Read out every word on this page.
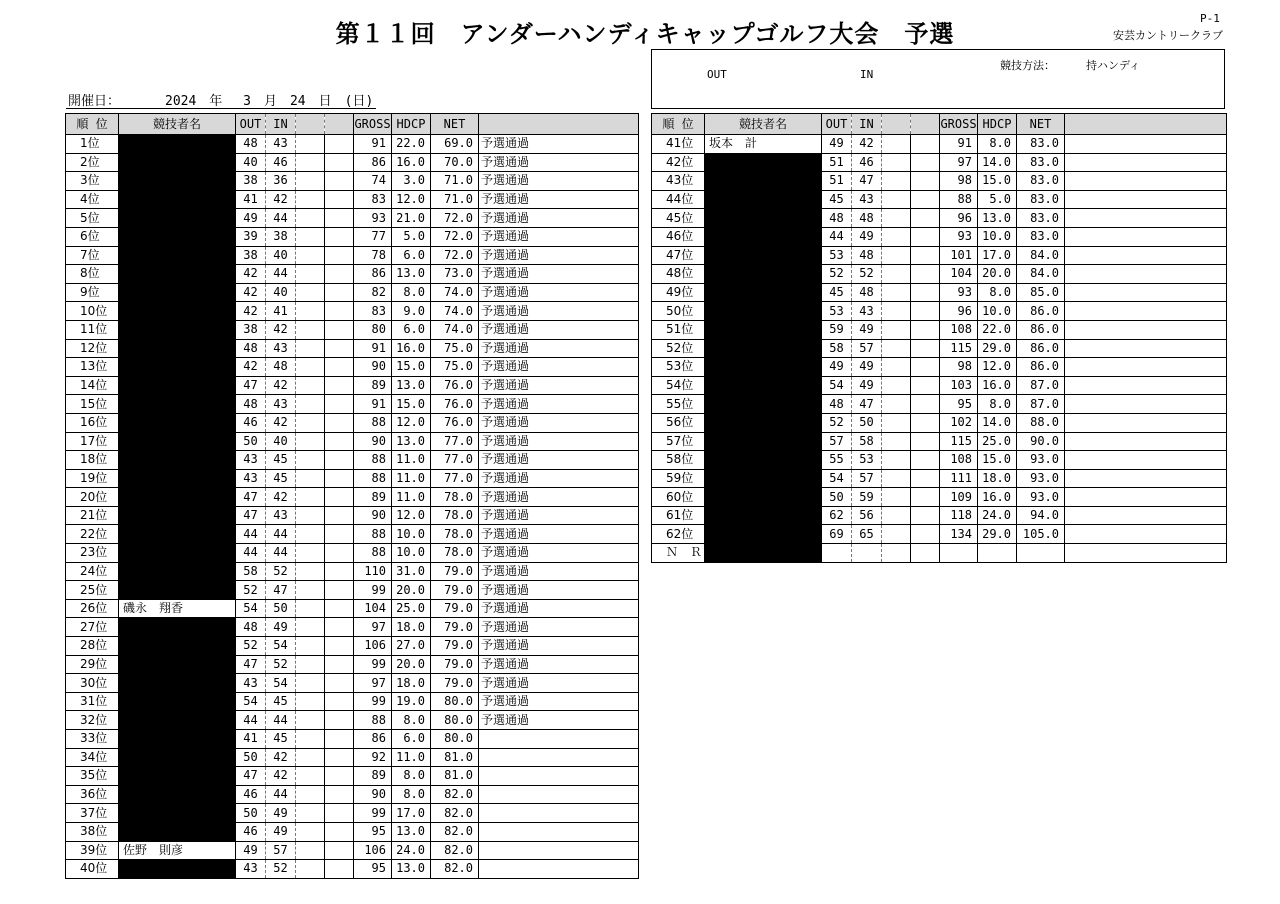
第１１回　アンダーハンディキャップゴルフ大会　予選
P-1
安芸カントリークラブ
開催日：	2024　年　 3　月　24　日　(日)
OUT	IN
競技方法：	持ハンディ
順 位	競技者名	OUT	IN			GROSS	HDCP	NET	
1位		48	43			91	22.0	69.0	予選通過
2位		40	46			86	16.0	70.0	予選通過
3位		38	36			74	3.0	71.0	予選通過
4位		41	42			83	12.0	71.0	予選通過
5位		49	44			93	21.0	72.0	予選通過
6位		39	38			77	5.0	72.0	予選通過
7位		38	40			78	6.0	72.0	予選通過
8位		42	44			86	13.0	73.0	予選通過
9位		42	40			82	8.0	74.0	予選通過
10位		42	41			83	9.0	74.0	予選通過
11位		38	42			80	6.0	74.0	予選通過
12位		48	43			91	16.0	75.0	予選通過
13位		42	48			90	15.0	75.0	予選通過
14位		47	42			89	13.0	76.0	予選通過
15位		48	43			91	15.0	76.0	予選通過
16位		46	42			88	12.0	76.0	予選通過
17位		50	40			90	13.0	77.0	予選通過
18位		43	45			88	11.0	77.0	予選通過
19位		43	45			88	11.0	77.0	予選通過
20位		47	42			89	11.0	78.0	予選通過
21位		47	43			90	12.0	78.0	予選通過
22位		44	44			88	10.0	78.0	予選通過
23位		44	44			88	10.0	78.0	予選通過
24位		58	52			110	31.0	79.0	予選通過
25位		52	47			99	20.0	79.0	予選通過
26位	磯永　翔香	54	50			104	25.0	79.0	予選通過
27位		48	49			97	18.0	79.0	予選通過
28位		52	54			106	27.0	79.0	予選通過
29位		47	52			99	20.0	79.0	予選通過
30位		43	54			97	18.0	79.0	予選通過
31位		54	45			99	19.0	80.0	予選通過
32位		44	44			88	8.0	80.0	予選通過
33位		41	45			86	6.0	80.0	
34位		50	42			92	11.0	81.0	
35位		47	42			89	8.0	81.0	
36位		46	44			90	8.0	82.0	
37位		50	49			99	17.0	82.0	
38位		46	49			95	13.0	82.0	
39位	佐野　則彦	49	57			106	24.0	82.0	
40位		43	52			95	13.0	82.0	
順 位	競技者名	OUT	IN			GROSS	HDCP	NET	
41位	坂本　計	49	42			91	8.0	83.0	
42位		51	46			97	14.0	83.0	
43位		51	47			98	15.0	83.0	
44位		45	43			88	5.0	83.0	
45位		48	48			96	13.0	83.0	
46位		44	49			93	10.0	83.0	
47位		53	48			101	17.0	84.0	
48位		52	52			104	20.0	84.0	
49位		45	48			93	8.0	85.0	
50位		53	43			96	10.0	86.0	
51位		59	49			108	22.0	86.0	
52位		58	57			115	29.0	86.0	
53位		49	49			98	12.0	86.0	
54位		54	49			103	16.0	87.0	
55位		48	47			95	8.0	87.0	
56位		52	50			102	14.0	88.0	
57位		57	58			115	25.0	90.0	
58位		55	53			108	15.0	93.0	
59位		54	57			111	18.0	93.0	
60位		50	59			109	16.0	93.0	
61位		62	56			118	24.0	94.0	
62位		69	65			134	29.0	105.0	
Ｎ　Ｒ									
